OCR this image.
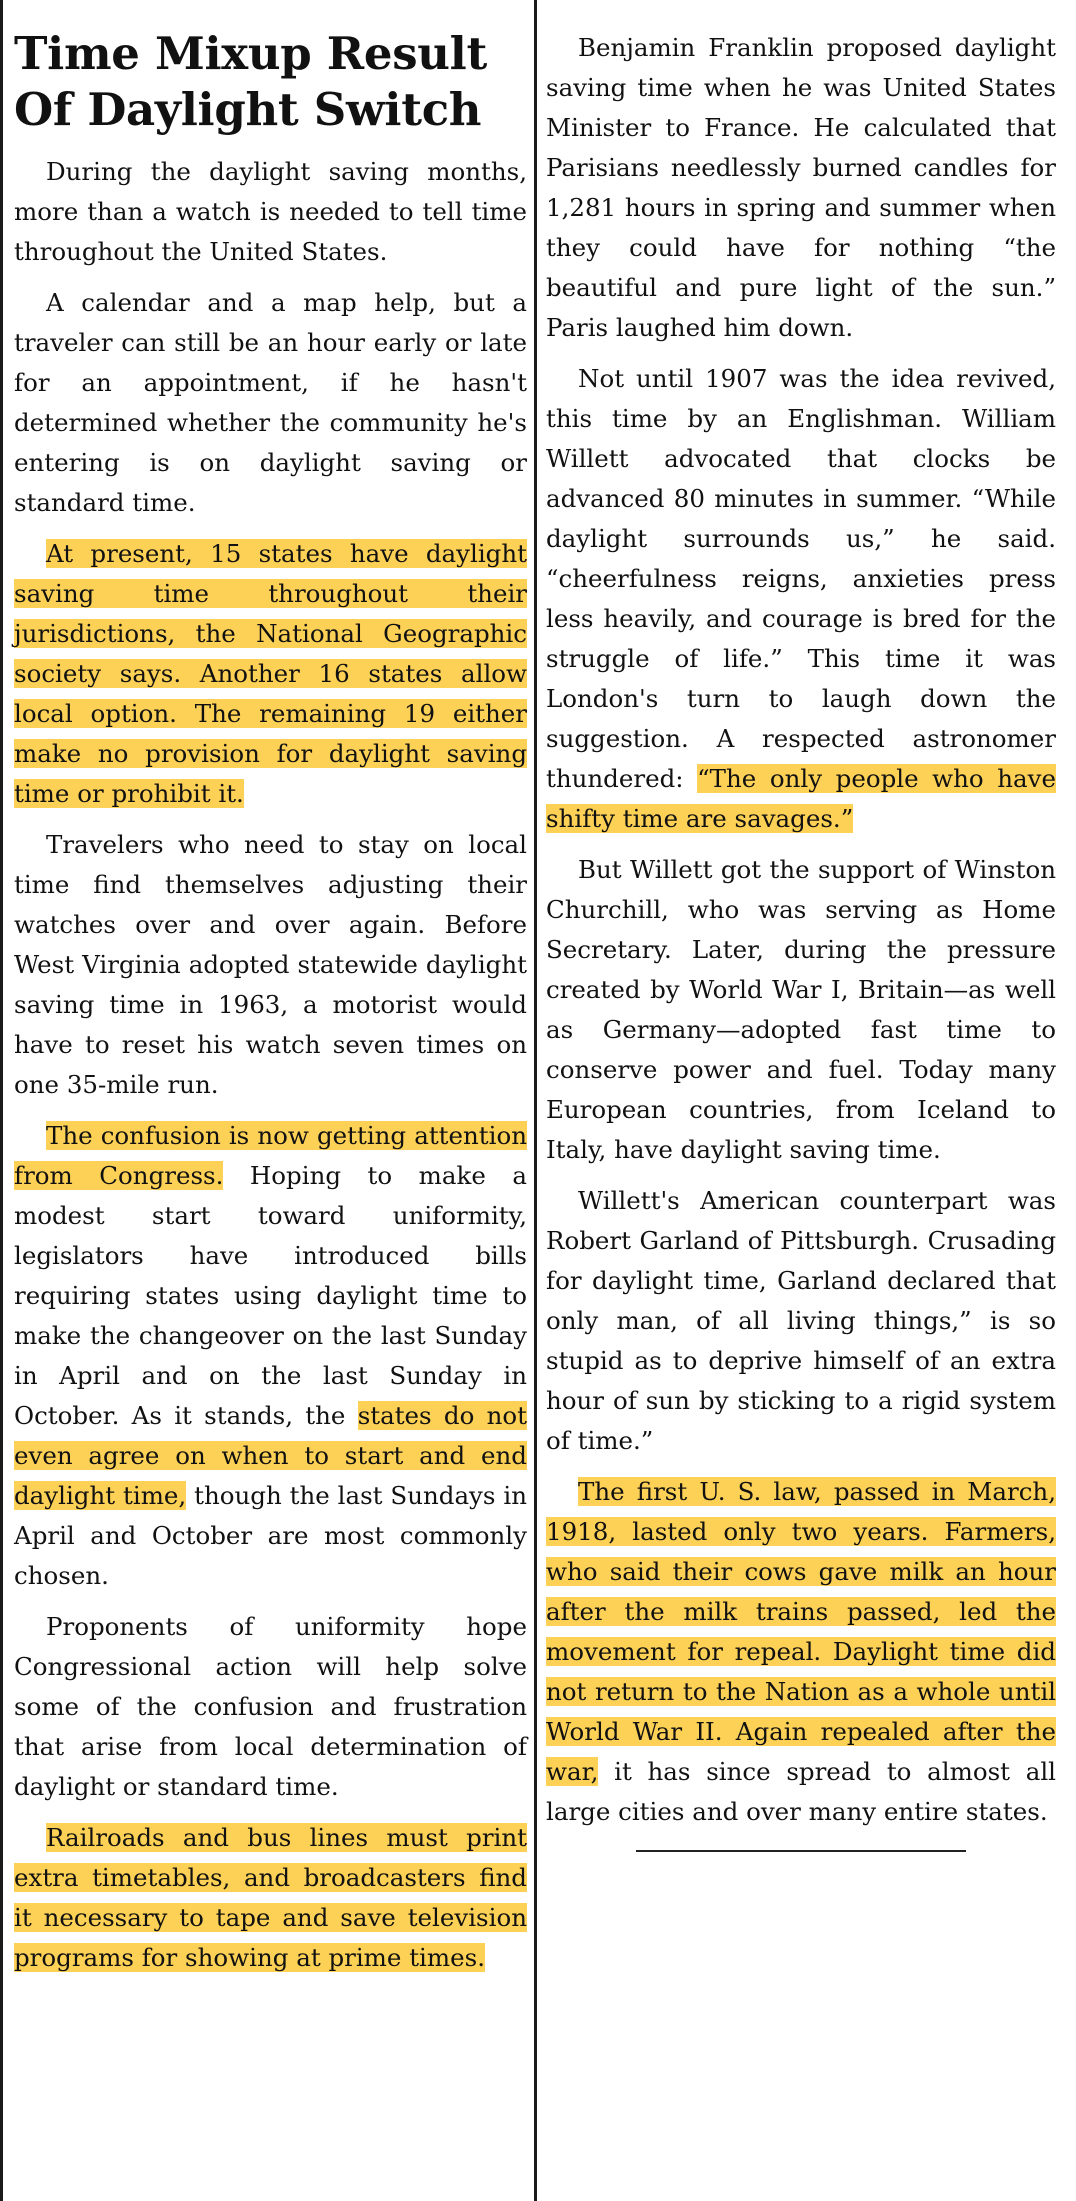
Time Mixup Result Of Daylight Switch

During the daylight saving months, more than a watch is needed to tell time throughout the United States.

A calendar and a map help, but a traveler can still be an hour early or late for an appointment, if he hasn't determined whether the community he's entering is on daylight saving or standard time.

At present, 15 states have daylight saving time throughout their jurisdictions, the National Geographic society says. Another 16 states allow local option. The remaining 19 either make no provision for daylight saving time or prohibit it.

Travelers who need to stay on local time find themselves adjusting their watches over and over again. Before West Virginia adopted statewide daylight saving time in 1963, a motorist would have to reset his watch seven times on one 35-mile run.

The confusion is now getting attention from Congress. Hoping to make a modest start toward uniformity, legislators have introduced bills requiring states using daylight time to make the changeover on the last Sunday in April and on the last Sunday in October. As it stands, the states do not even agree on when to start and end daylight time, though the last Sundays in April and October are most commonly chosen.

Proponents of uniformity hope Congressional action will help solve some of the confusion and frustration that arise from local determination of daylight or standard time.

Railroads and bus lines must print extra timetables, and broadcasters find it necessary to tape and save television programs for showing at prime times.

Benjamin Franklin proposed daylight saving time when he was United States Minister to France. He calculated that Parisians needlessly burned candles for 1,281 hours in spring and summer when they could have for nothing “the beautiful and pure light of the sun.” Paris laughed him down.

Not until 1907 was the idea revived, this time by an Englishman. William Willett advocated that clocks be advanced 80 minutes in summer. “While daylight surrounds us,” he said. “cheerfulness reigns, anxieties press less heavily, and courage is bred for the struggle of life.” This time it was London's turn to laugh down the suggestion. A respected astronomer thundered: “The only people who have shifty time are savages.”

But Willett got the support of Winston Churchill, who was serving as Home Secretary. Later, during the pressure created by World War I, Britain—as well as Germany—adopted fast time to conserve power and fuel. Today many European countries, from Iceland to Italy, have daylight saving time.

Willett's American counterpart was Robert Garland of Pittsburgh. Crusading for daylight time, Garland declared that only man, of all living things,” is so stupid as to deprive himself of an extra hour of sun by sticking to a rigid system of time.”

The first U. S. law, passed in March, 1918, lasted only two years. Farmers, who said their cows gave milk an hour after the milk trains passed, led the movement for repeal. Daylight time did not return to the Nation as a whole until World War II. Again repealed after the war, it has since spread to almost all large cities and over many entire states.
